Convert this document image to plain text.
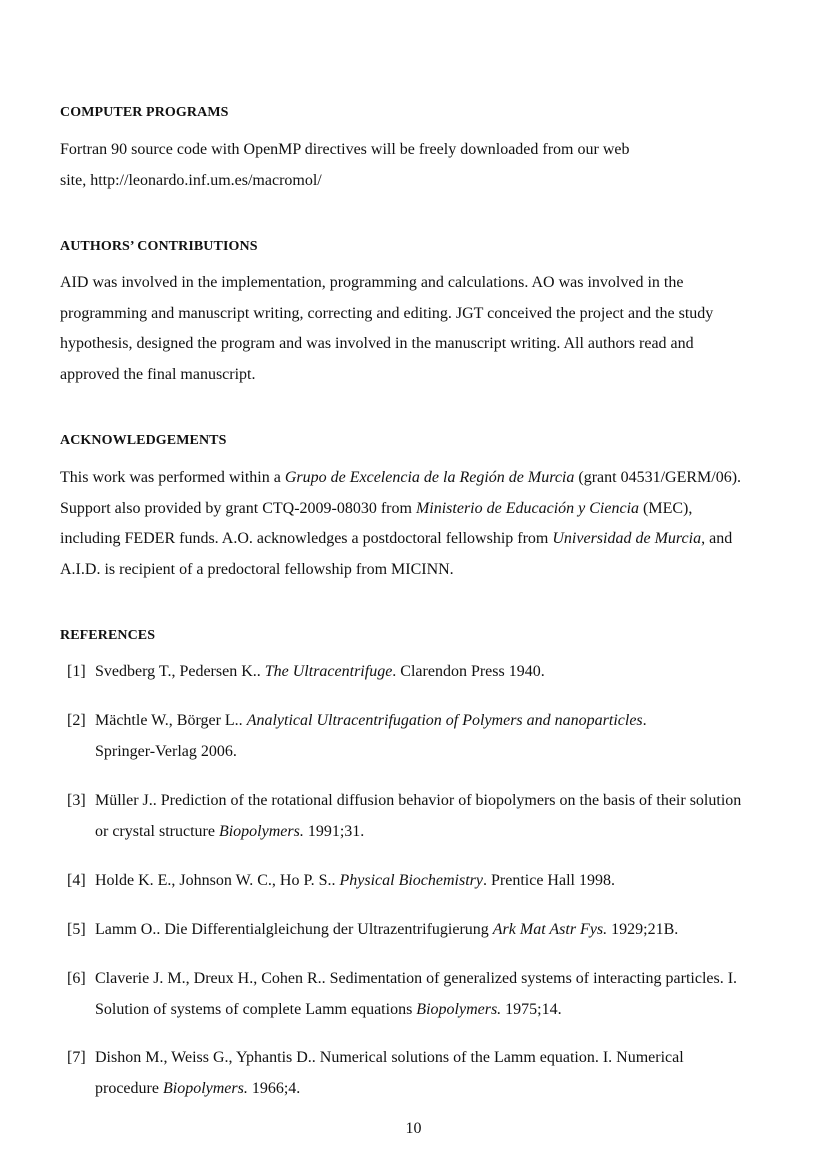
COMPUTER PROGRAMS

Fortran 90 source code with OpenMP directives will be freely downloaded from our web
site, http://leonardo.inf.um.es/macromol/

AUTHORS’ CONTRIBUTIONS

AID was involved in the implementation, programming and calculations. AO was involved in the
programming and manuscript writing, correcting and editing. JGT conceived the project and the study
hypothesis, designed the program and was involved in the manuscript writing. All authors read and
approved the final manuscript.

ACKNOWLEDGEMENTS

This work was performed within a Grupo de Excelencia de la Región de Murcia (grant 04531/GERM/06).
Support also provided by grant CTQ-2009-08030 from Ministerio de Educación y Ciencia (MEC),
including FEDER funds. A.O. acknowledges a postdoctoral fellowship from Universidad de Murcia, and
A.I.D. is recipient of a predoctoral fellowship from MICINN.

REFERENCES
[1] Svedberg T., Pedersen K.. The Ultracentrifuge. Clarendon Press 1940.
[2] Mächtle W., Börger L.. Analytical Ultracentrifugation of Polymers and nanoparticles.
Springer-Verlag 2006.
[3] Müller J.. Prediction of the rotational diffusion behavior of biopolymers on the basis of their solution
or crystal structure Biopolymers. 1991;31.
[4] Holde K. E., Johnson W. C., Ho P. S.. Physical Biochemistry. Prentice Hall 1998.
[5] Lamm O.. Die Differentialgleichung der Ultrazentrifugierung Ark Mat Astr Fys. 1929;21B.
[6] Claverie J. M., Dreux H., Cohen R.. Sedimentation of generalized systems of interacting particles. I.
Solution of systems of complete Lamm equations Biopolymers. 1975;14.
[7] Dishon M., Weiss G., Yphantis D.. Numerical solutions of the Lamm equation. I. Numerical
procedure Biopolymers. 1966;4.
10
